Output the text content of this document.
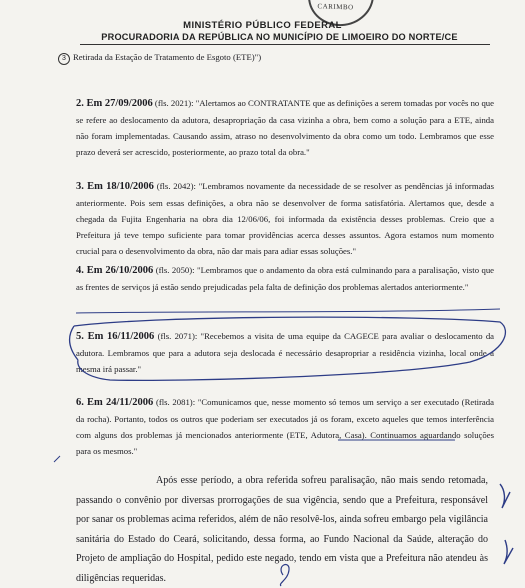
CARIMBO
MINISTÉRIO PÚBLICO FEDERAL
PROCURADORIA DA REPÚBLICA NO MUNICÍPIO DE LIMOEIRO DO NORTE/CE
3 Retirada da Estação de Tratamento de Esgoto (ETE)")
2. Em 27/09/2006 (fls. 2021): "Alertamos ao CONTRATANTE que as definições a serem tomadas por vocês no que se refere ao deslocamento da adutora, desapropriação da casa vizinha a obra, bem como a solução para a ETE, ainda não foram implementadas. Causando assim, atraso no desenvolvimento da obra como um todo. Lembramos que esse prazo deverá ser acrescido, posteriormente, ao prazo total da obra."
3. Em 18/10/2006 (fls. 2042): "Lembramos novamente da necessidade de se resolver as pendências já informadas anteriormente. Pois sem essas definições, a obra não se desenvolver de forma satisfatória. Alertamos que, desde a chegada da Fujita Engenharia na obra dia 12/06/06, foi informada da existência desses problemas. Creio que a Prefeitura já teve tempo suficiente para tomar providências acerca desses assuntos. Agora estamos num momento crucial para o desenvolvimento da obra, não dar mais para adiar essas soluções."
4. Em 26/10/2006 (fls. 2050): "Lembramos que o andamento da obra está culminando para a paralisação, visto que as frentes de serviços já estão sendo prejudicadas pela falta de definição dos problemas alertados anteriormente."
5. Em 16/11/2006 (fls. 2071): "Recebemos a visita de uma equipe da CAGECE para avaliar o deslocamento da adutora. Lembramos que para a adutora seja deslocada é necessário desapropriar a residência vizinha, local onde a mesma irá passar."
6. Em 24/11/2006 (fls. 2081): "Comunicamos que, nesse momento só temos um serviço a ser executado (Retirada da rocha). Portanto, todos os outros que poderiam ser executados já os foram, exceto aqueles que temos interferência com alguns dos problemas já mencionados anteriormente (ETE, Adutora, Casa). Continuamos aguardando soluções para os mesmos."
Após esse período, a obra referida sofreu paralisação, não mais sendo retomada, passando o convênio por diversas prorrogações de sua vigência, sendo que a Prefeitura, responsável por sanar os problemas acima referidos, além de não resolvê-los, ainda sofreu embargo pela vigilância sanitária do Estado do Ceará, solicitando, dessa forma, ao Fundo Nacional da Saúde, alteração do Projeto de ampliação do Hospital, pedido este negado, tendo em vista que a Prefeitura não atendeu às diligências requeridas.
